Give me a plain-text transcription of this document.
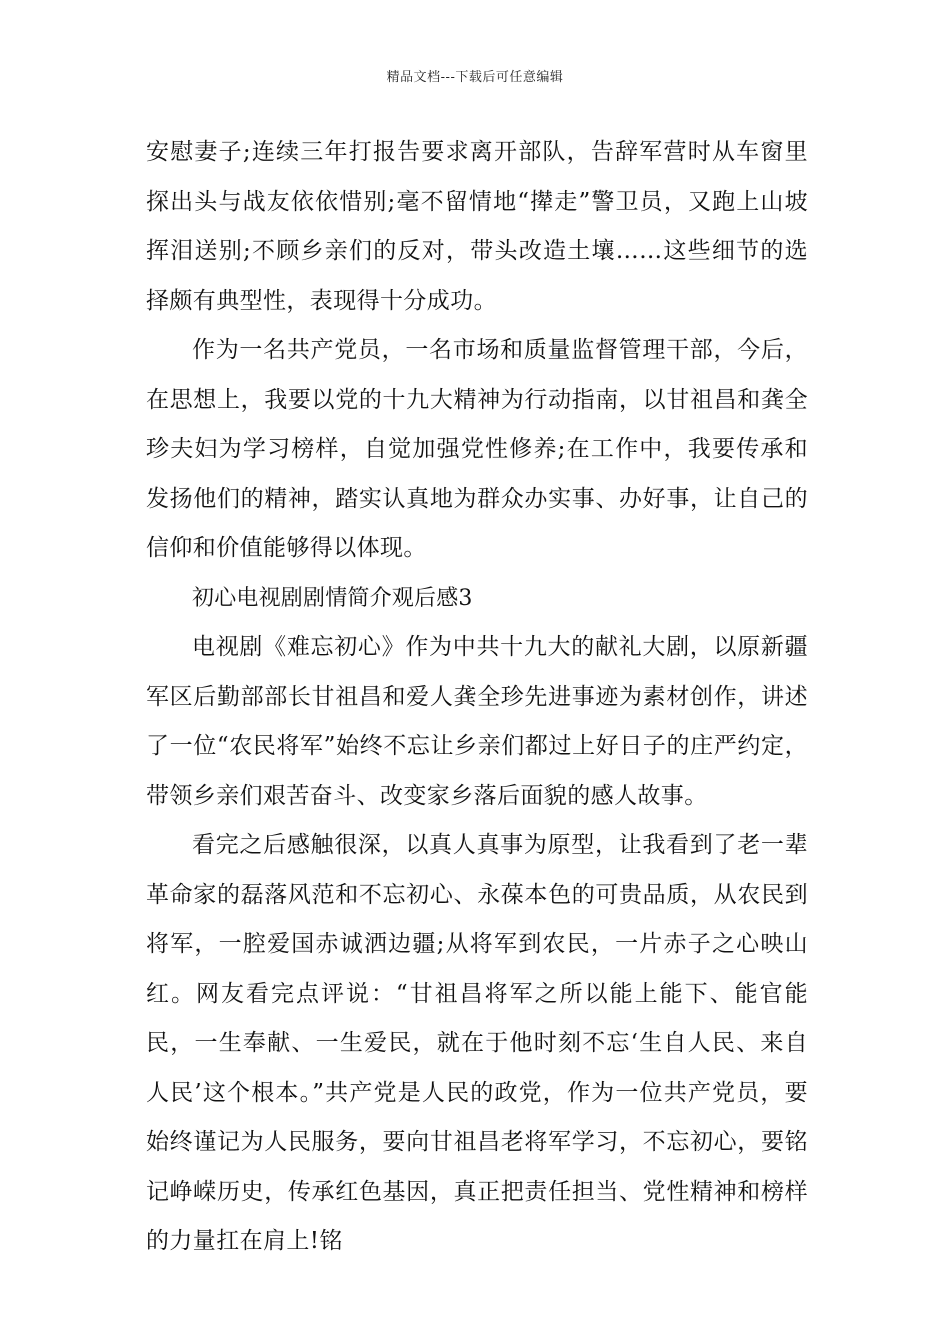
精品文档---下载后可任意编辑

安慰妻子;连续三年打报告要求离开部队，告辞军营时从车窗里探出头与战友依依惜别;毫不留情地“撵走”警卫员，又跑上山坡挥泪送别;不顾乡亲们的反对，带头改造土壤……这些细节的选择颇有典型性，表现得十分成功。

作为一名共产党员，一名市场和质量监督管理干部，今后，在思想上，我要以党的十九大精神为行动指南，以甘祖昌和龚全珍夫妇为学习榜样，自觉加强党性修养;在工作中，我要传承和发扬他们的精神，踏实认真地为群众办实事、办好事，让自己的信仰和价值能够得以体现。

初心电视剧剧情简介观后感3

电视剧《难忘初心》作为中共十九大的献礼大剧，以原新疆军区后勤部部长甘祖昌和爱人龚全珍先进事迹为素材创作，讲述了一位“农民将军”始终不忘让乡亲们都过上好日子的庄严约定，带领乡亲们艰苦奋斗、改变家乡落后面貌的感人故事。

看完之后感触很深，以真人真事为原型，让我看到了老一辈革命家的磊落风范和不忘初心、永葆本色的可贵品质，从农民到将军，一腔爱国赤诚洒边疆;从将军到农民，一片赤子之心映山红。网友看完点评说：“甘祖昌将军之所以能上能下、能官能民，一生奉献、一生爱民，就在于他时刻不忘‘生自人民、来自人民’这个根本。”共产党是人民的政党，作为一位共产党员，要始终谨记为人民服务，要向甘祖昌老将军学习，不忘初心，要铭记峥嵘历史，传承红色基因，真正把责任担当、党性精神和榜样的力量扛在肩上!铭
